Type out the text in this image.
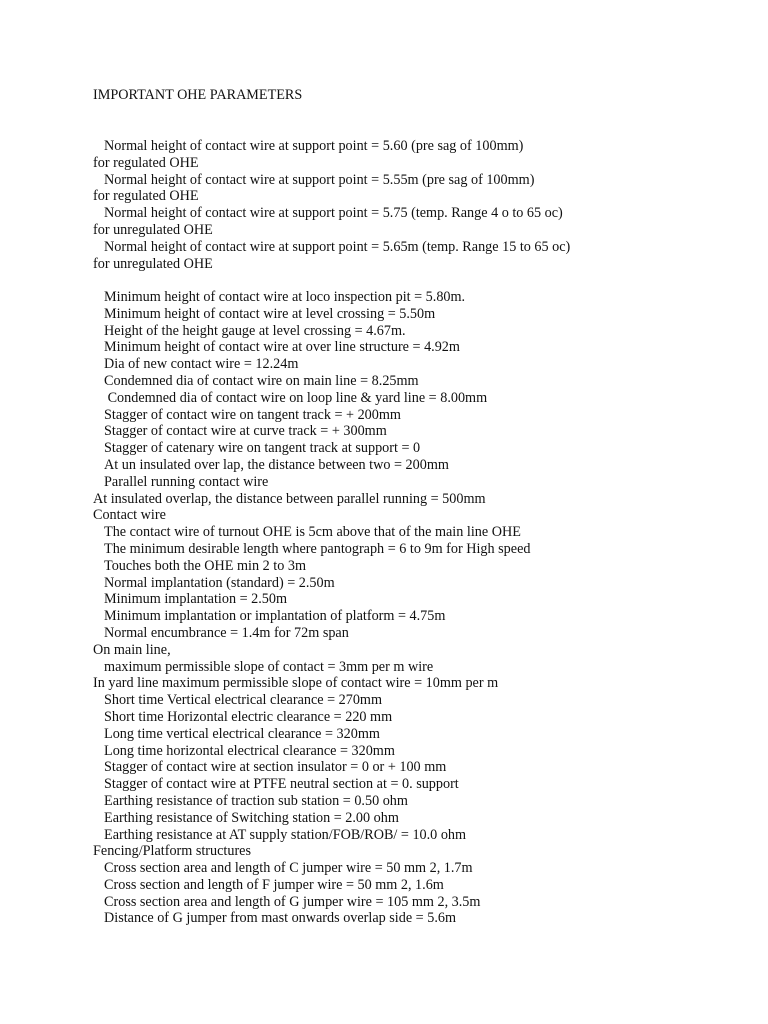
IMPORTANT OHE PARAMETERS
Normal height of contact wire at support point = 5.60 (pre sag of 100mm)
for regulated OHE
Normal height of contact wire at support point = 5.55m (pre sag of 100mm)
for regulated OHE
Normal height of contact wire at support point = 5.75 (temp. Range 4 o to 65 oc)
for unregulated OHE
Normal height of contact wire at support point = 5.65m (temp. Range 15 to 65 oc)
for unregulated OHE
Minimum height of contact wire at loco inspection pit = 5.80m.
Minimum height of contact wire at level crossing = 5.50m
Height of the height gauge at level crossing = 4.67m.
Minimum height of contact wire at over line structure = 4.92m
Dia of new contact wire = 12.24m
Condemned dia of contact wire on main line = 8.25mm
Condemned dia of contact wire on loop line & yard line = 8.00mm
Stagger of contact wire on tangent track = + 200mm
Stagger of contact wire at curve track = + 300mm
Stagger of catenary wire on tangent track at support = 0
At un insulated over lap, the distance between two = 200mm
Parallel running contact wire
At insulated overlap, the distance between parallel running = 500mm
Contact wire
The contact wire of turnout OHE is 5cm above that of the main line OHE
The minimum desirable length where pantograph = 6 to 9m for High speed
Touches both the OHE min 2 to 3m
Normal implantation (standard) = 2.50m
Minimum implantation = 2.50m
Minimum implantation or implantation of platform = 4.75m
Normal encumbrance = 1.4m for 72m span
On main line,
maximum permissible slope of contact = 3mm per m wire
In yard line maximum permissible slope of contact wire = 10mm per m
Short time Vertical electrical clearance = 270mm
Short time Horizontal electric clearance = 220 mm
Long time vertical electrical clearance = 320mm
Long time horizontal electrical clearance = 320mm
Stagger of contact wire at section insulator = 0 or + 100 mm
Stagger of contact wire at PTFE neutral section at = 0. support
Earthing resistance of traction sub station = 0.50 ohm
Earthing resistance of Switching station = 2.00 ohm
Earthing resistance at AT supply station/FOB/ROB/ = 10.0 ohm
Fencing/Platform structures
Cross section area and length of C jumper wire = 50 mm 2, 1.7m
Cross section and length of F jumper wire = 50 mm 2, 1.6m
Cross section area and length of G jumper wire = 105 mm 2, 3.5m
Distance of G jumper from mast onwards overlap side = 5.6m
